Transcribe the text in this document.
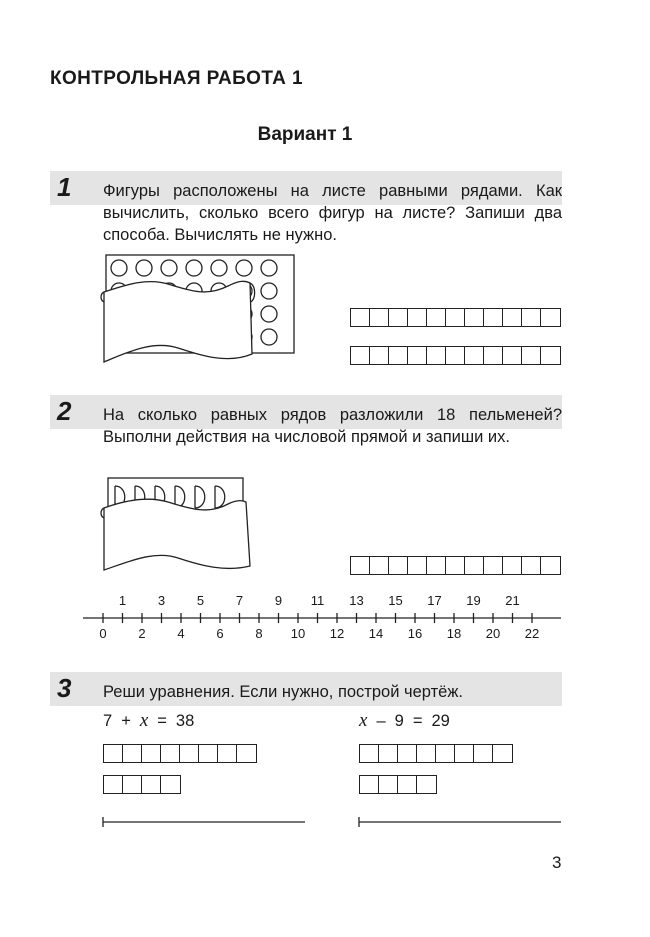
КОНТРОЛЬНАЯ РАБОТА 1
Вариант 1
1 Фигуры расположены на листе равными рядами. Как вычислить, сколько всего фигур на листе? Запиши два способа. Вычислять не нужно.
2 На сколько равных рядов разложили 18 пельменей? Выполни действия на числовой прямой и запиши их.
1 3 5 7 9 11 13 15 17 19 21
0 2 4 6 8 10 12 14 16 18 20 22
3 Реши уравнения. Если нужно, построй чертёж.
7 + x = 38	x – 9 = 29
3
